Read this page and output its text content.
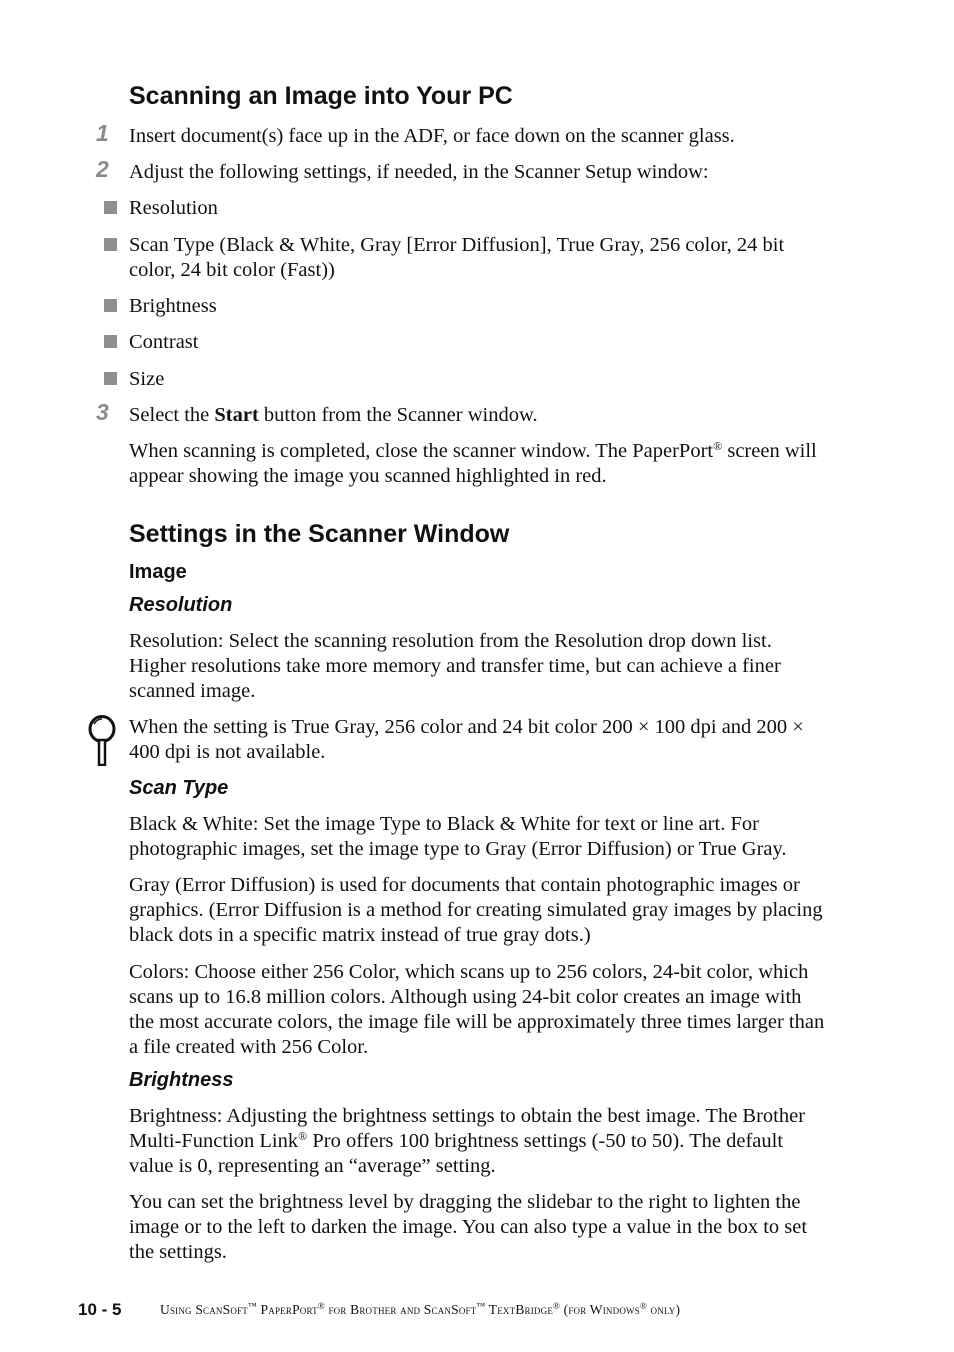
Scanning an Image into Your PC
1 Insert document(s) face up in the ADF, or face down on the scanner glass.

2 Adjust the following settings, if needed, in the Scanner Setup window:

Resolution

Scan Type (Black & White, Gray [Error Diffusion], True Gray, 256 color, 24 bit color, 24 bit color (Fast))

Brightness

Contrast

Size

3 Select the Start button from the Scanner window.

When scanning is completed, close the scanner window. The PaperPort® screen will appear showing the image you scanned highlighted in red.

Settings in the Scanner Window
Image
Resolution

Resolution: Select the scanning resolution from the Resolution drop down list. Higher resolutions take more memory and transfer time, but can achieve a finer scanned image.

When the setting is True Gray, 256 color and 24 bit color 200 × 100 dpi and 200 × 400 dpi is not available.

Scan Type

Black & White: Set the image Type to Black & White for text or line art. For photographic images, set the image type to Gray (Error Diffusion) or True Gray.

Gray (Error Diffusion) is used for documents that contain photographic images or graphics. (Error Diffusion is a method for creating simulated gray images by placing black dots in a specific matrix instead of true gray dots.)

Colors: Choose either 256 Color, which scans up to 256 colors, 24-bit color, which scans up to 16.8 million colors. Although using 24-bit color creates an image with the most accurate colors, the image file will be approximately three times larger than a file created with 256 Color.

Brightness

Brightness: Adjusting the brightness settings to obtain the best image. The Brother Multi-Function Link® Pro offers 100 brightness settings (-50 to 50). The default value is 0, representing an “average” setting.

You can set the brightness level by dragging the slidebar to the right to lighten the image or to the left to darken the image. You can also type a value in the box to set the settings.

10 - 5	Using ScanSoft™ PaperPort® for Brother and ScanSoft™ TextBridge® (for Windows® only)
